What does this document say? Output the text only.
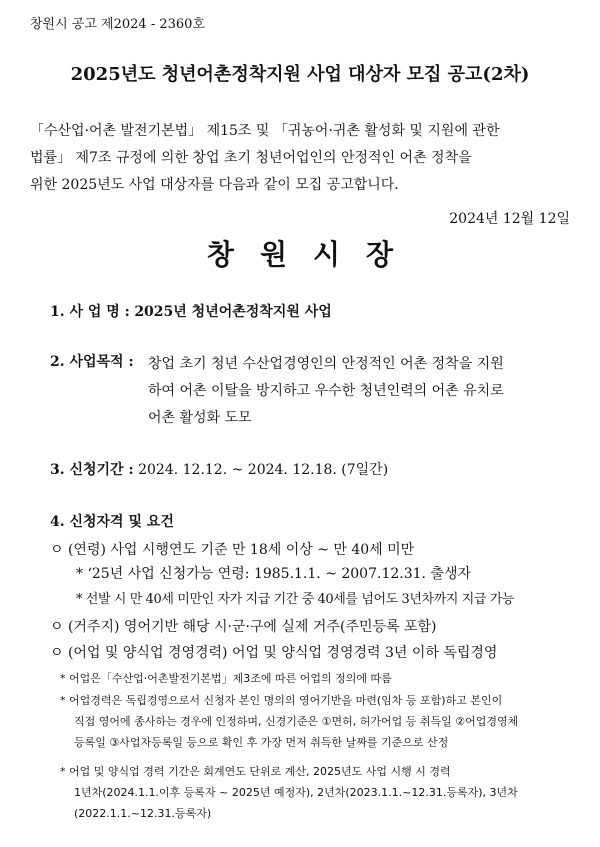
창원시 공고 제2024 - 2360호
2025년도 청년어촌정착지원 사업 대상자 모집 공고(2차)
「수산업·어촌 발전기본법」 제15조 및 「귀농어·귀촌 활성화 및 지원에 관한
법률」 제7조 규정에 의한 창업 초기 청년어업인의 안정적인 어촌 정착을
위한 2025년도 사업 대상자를 다음과 같이 모집 공고합니다.
2024년 12월 12일
창원시장
1. 사 업 명 : 2025년 청년어촌정착지원 사업
2. 사업목적 : 창업 초기 청년 수산업경영인의 안정적인 어촌 정착을 지원
하여 어촌 이탈을 방지하고 우수한 청년인력의 어촌 유치로
어촌 활성화 도모
3. 신청기간 : 2024. 12.12. ~ 2024. 12.18. (7일간)
4. 신청자격 및 요건
ㅇ (연령) 사업 시행연도 기준 만 18세 이상 ~ 만 40세 미만
* ‘25년 사업 신청가능 연령: 1985.1.1. ~ 2007.12.31. 출생자
* 선발 시 만 40세 미만인 자가 지급 기간 중 40세를 넘어도 3년차까지 지급 가능
ㅇ (거주지) 영어기반 해당 시·군·구에 실제 거주(주민등록 포함)
ㅇ (어업 및 양식업 경영경력) 어업 및 양식업 경영경력 3년 이하 독립경영
* 어업은「수산업·어촌발전기본법」제3조에 따른 어업의 정의에 따름
* 어업경력은 독립경영으로서 신청자 본인 명의의 영어기반을 마련(임차 등 포함)하고 본인이
직접 영어에 종사하는 경우에 인정하며, 신경기준은 ①면허, 허가어업 등 취득일 ②어업경영체
등록일 ③사업자등록일 등으로 확인 후 가장 먼저 취득한 날짜를 기준으로 산정
* 어업 및 양식업 경력 기간은 회계연도 단위로 계산, 2025년도 사업 시행 시 경력
1년차(2024.1.1.이후 등록자 ~ 2025년 예정자), 2년차(2023.1.1.~12.31.등록자), 3년차
(2022.1.1.~12.31.등록자)
